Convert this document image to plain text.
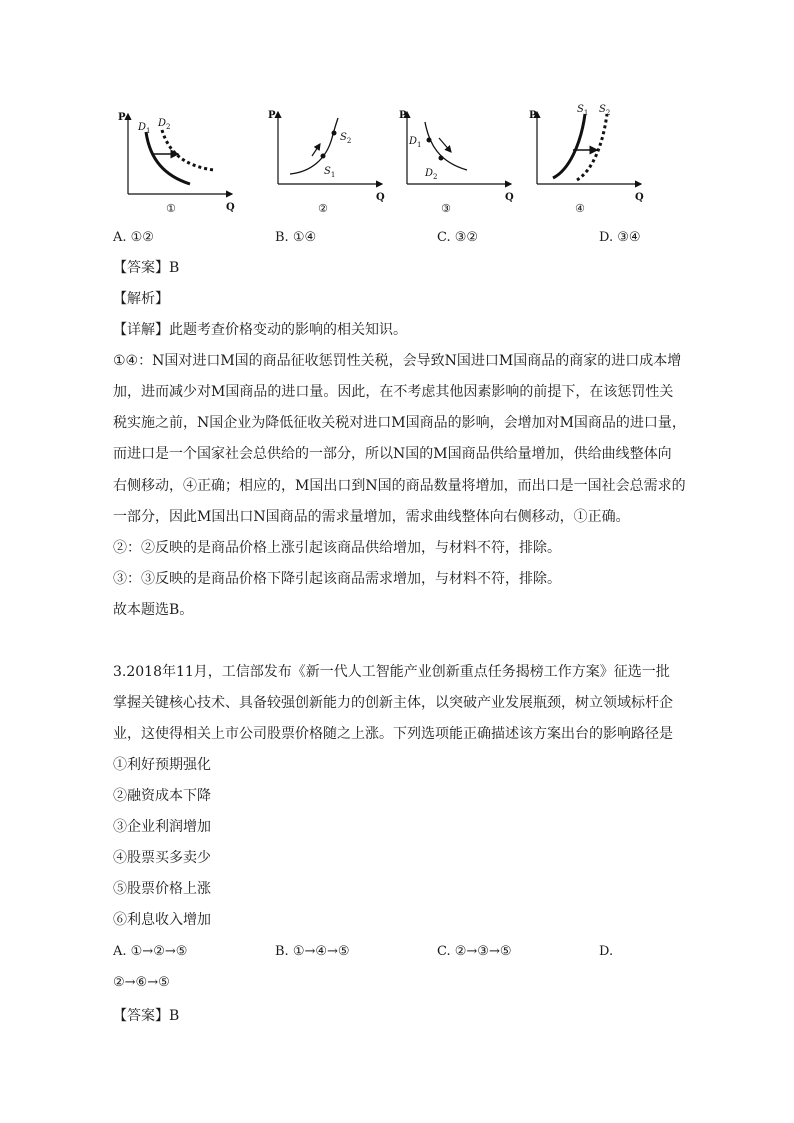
P
Q
$D_1$
$D_2$
①
P
Q
$S_2$
$S_1$
②
P
Q
$D_1$
$D_2$
③
P
Q
$S_1$ $S_2$
④
A. ①②	B. ①④	C. ③②	D. ③④
【答案】B
【解析】
【详解】此题考查价格变动的影响的相关知识。
①④：N国对进口M国的商品征收惩罚性关税，会导致N国进口M国商品的商家的进口成本增
加，进而减少对M国商品的进口量。因此，在不考虑其他因素影响的前提下，在该惩罚性关
税实施之前，N国企业为降低征收关税对进口M国商品的影响，会增加对M国商品的进口量，
而进口是一个国家社会总供给的一部分，所以N国的M国商品供给量增加，供给曲线整体向
右侧移动，④正确；相应的，M国出口到N国的商品数量将增加，而出口是一国社会总需求的
一部分，因此M国出口N国商品的需求量增加，需求曲线整体向右侧移动，①正确。
②：②反映的是商品价格上涨引起该商品供给增加，与材料不符，排除。
③：③反映的是商品价格下降引起该商品需求增加，与材料不符，排除。
故本题选B。
3.2018年11月，工信部发布《新一代人工智能产业创新重点任务揭榜工作方案》征选一批
掌握关键核心技术、具备较强创新能力的创新主体，以突破产业发展瓶颈，树立领域标杆企
业，这使得相关上市公司股票价格随之上涨。下列选项能正确描述该方案出台的影响路径是
①利好预期强化
②融资成本下降
③企业利润增加
④股票买多卖少
⑤股票价格上涨
⑥利息收入增加
A. ①→②→⑤	B. ①→④→⑤	C. ②→③→⑤	D.
②→⑥→⑤
【答案】B
